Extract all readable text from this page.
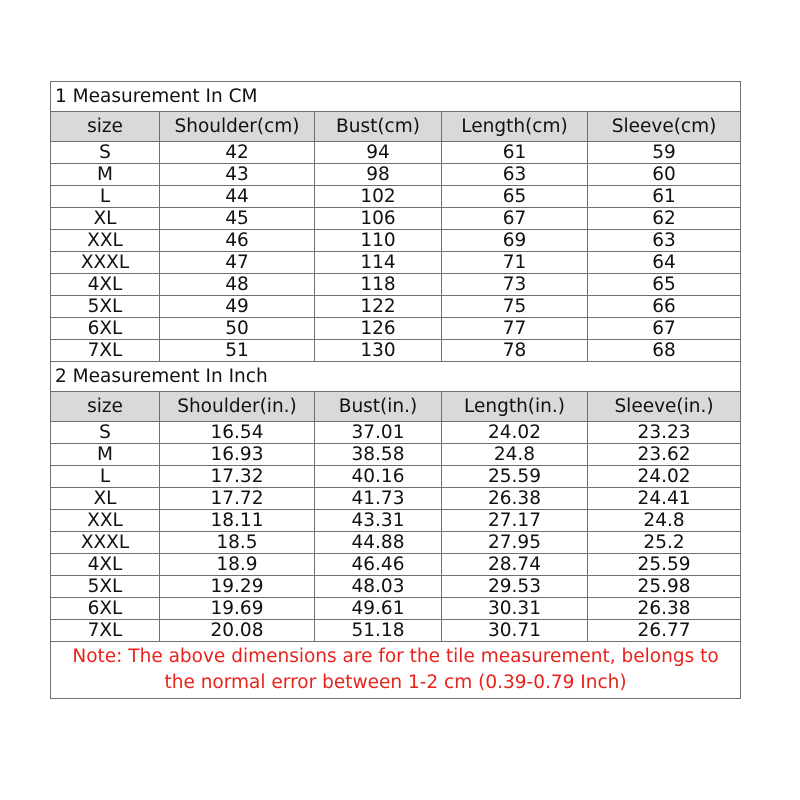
1 Measurement In CM				
size	Shoulder(cm)	Bust(cm)	Length(cm)	Sleeve(cm)
S	42	94	61	59
M	43	98	63	60
L	44	102	65	61
XL	45	106	67	62
XXL	46	110	69	63
XXXL	47	114	71	64
4XL	48	118	73	65
5XL	49	122	75	66
6XL	50	126	77	67
7XL	51	130	78	68
2 Measurement In Inch				
size	Shoulder(in.)	Bust(in.)	Length(in.)	Sleeve(in.)
S	16.54	37.01	24.02	23.23
M	16.93	38.58	24.8	23.62
L	17.32	40.16	25.59	24.02
XL	17.72	41.73	26.38	24.41
XXL	18.11	43.31	27.17	24.8
XXXL	18.5	44.88	27.95	25.2
4XL	18.9	46.46	28.74	25.59
5XL	19.29	48.03	29.53	25.98
6XL	19.69	49.61	30.31	26.38
7XL	20.08	51.18	30.71	26.77

Note: The above dimensions are for the tile measurement, belongs to
the normal error between 1-2 cm (0.39-0.79 Inch)				
